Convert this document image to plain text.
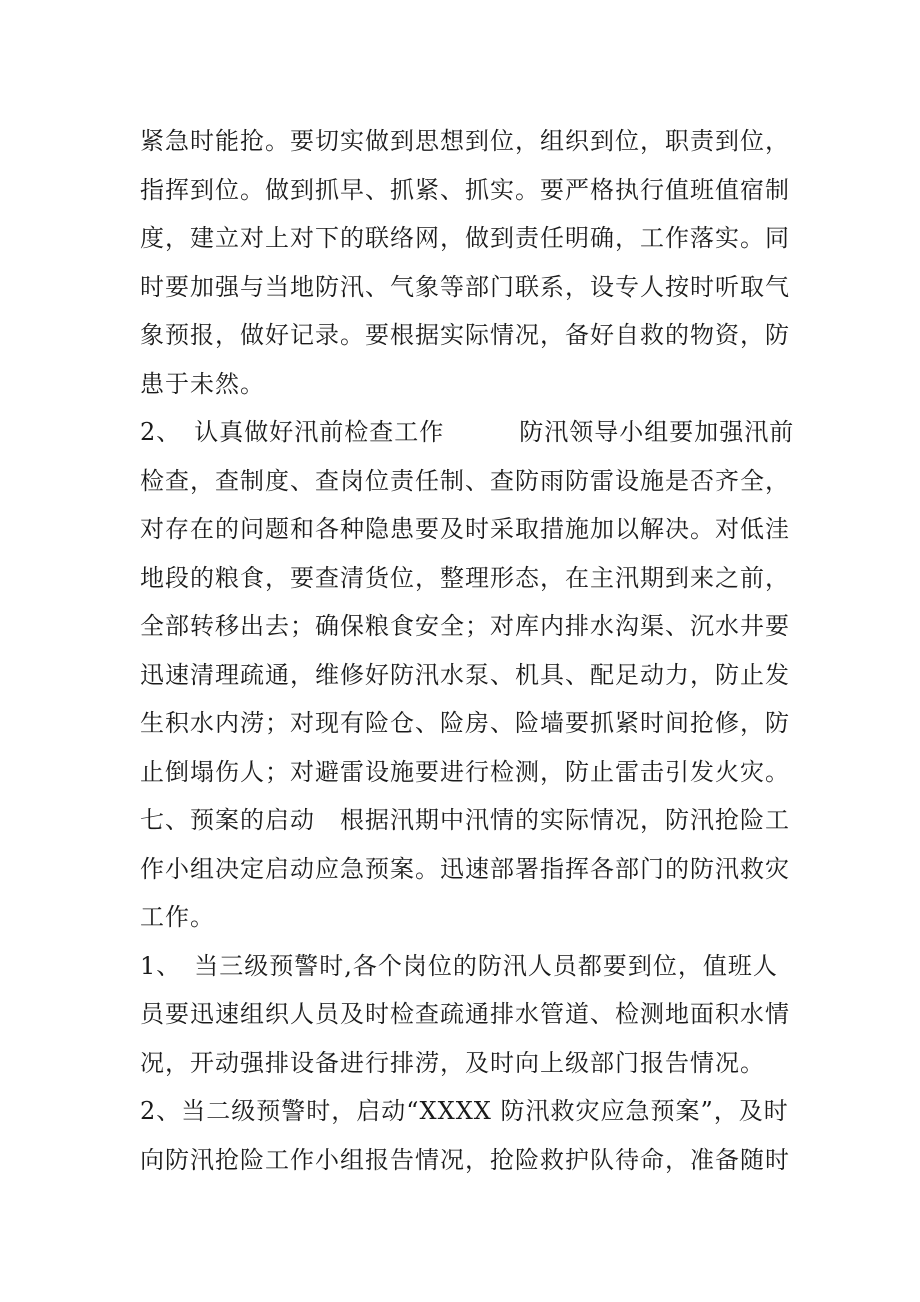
紧急时能抢。要切实做到思想到位，组织到位，职责到位，
指挥到位。做到抓早、抓紧、抓实。要严格执行值班值宿制
度，建立对上对下的联络网，做到责任明确，工作落实。同
时要加强与当地防汛、气象等部门联系，设专人按时听取气
象预报，做好记录。要根据实际情况，备好自救的物资，防
患于未然。
2、　认真做好汛前检查工作　　　防汛领导小组要加强汛前
检查，查制度、查岗位责任制、查防雨防雷设施是否齐全，
对存在的问题和各种隐患要及时采取措施加以解决。对低洼
地段的粮食，要查清货位，整理形态，在主汛期到来之前，
全部转移出去；确保粮食安全；对库内排水沟渠、沉水井要
迅速清理疏通，维修好防汛水泵、机具、配足动力，防止发
生积水内涝；对现有险仓、险房、险墙要抓紧时间抢修，防
止倒塌伤人；对避雷设施要进行检测，防止雷击引发火灾。
七、预案的启动　根据汛期中汛情的实际情况，防汛抢险工
作小组决定启动应急预案。迅速部署指挥各部门的防汛救灾
工作。
1、　当三级预警时,各个岗位的防汛人员都要到位，值班人
员要迅速组织人员及时检查疏通排水管道、检测地面积水情
况，开动强排设备进行排涝，及时向上级部门报告情况。
2、当二级预警时，启动“XXXX 防汛救灾应急预案”，及时
向防汛抢险工作小组报告情况，抢险救护队待命，准备随时
